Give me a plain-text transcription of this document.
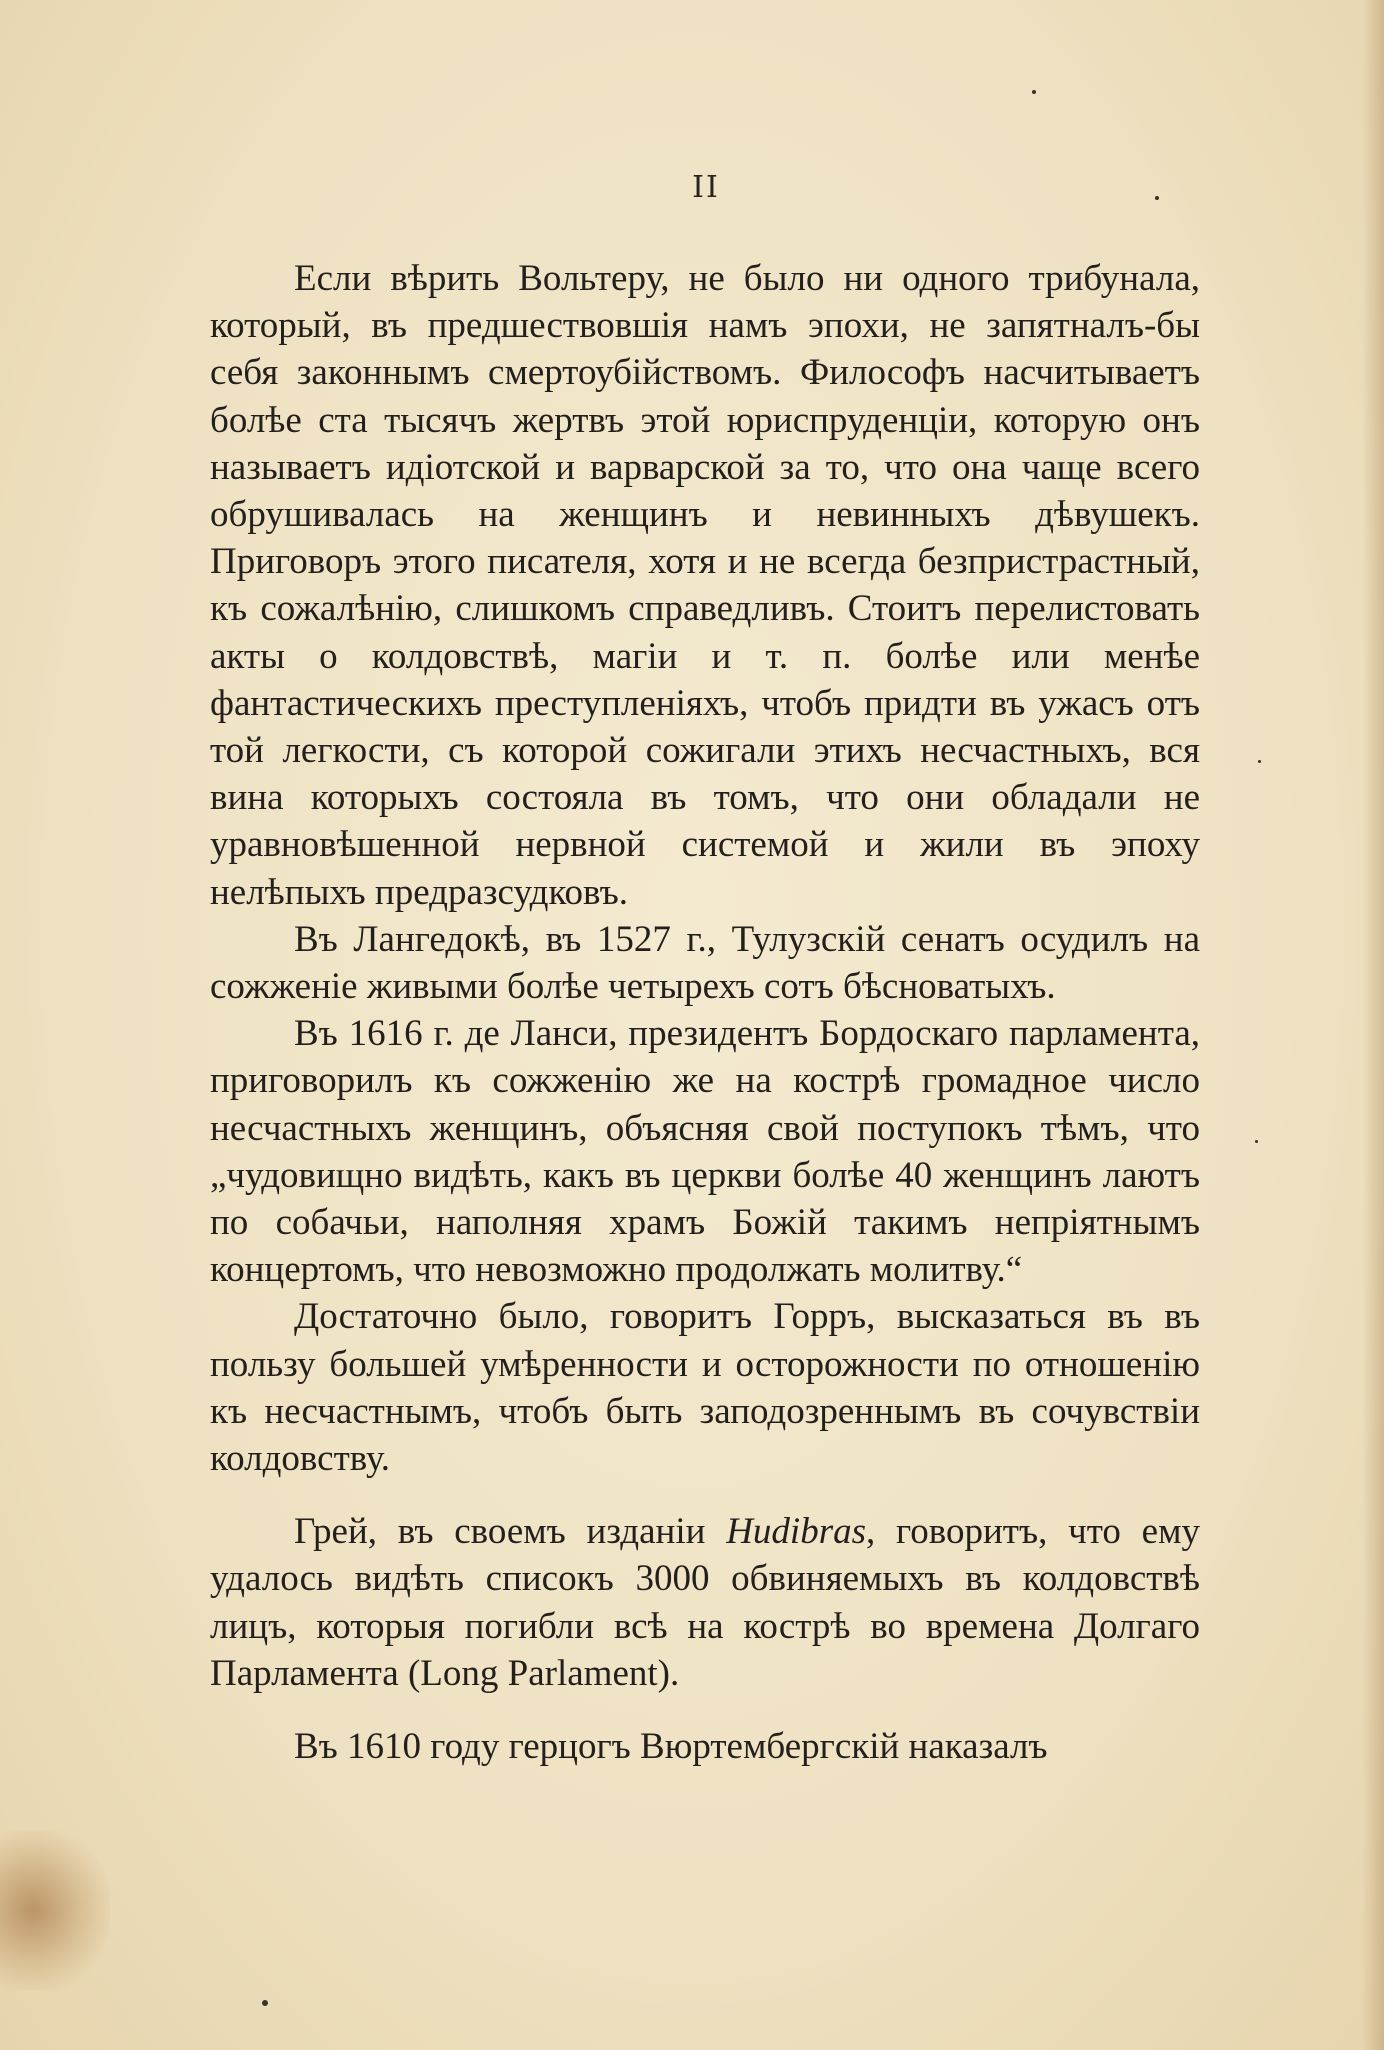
II

Если вѣрить Вольтеру, не было ни одного трибунала, который, въ предшествовшія намъ эпохи, не запятналъ-бы себя законнымъ смертоубійствомъ. Философъ насчитываетъ болѣе ста тысячъ жертвъ этой юриспруденціи, которую онъ называетъ идіотской и варварской за то, что она чаще всего обрушивалась на женщинъ и невинныхъ дѣвушекъ. Приговоръ этого писателя, хотя и не всегда безпристрастный, къ сожалѣнію, слишкомъ справедливъ. Стоитъ перелистовать акты о колдовствѣ, магіи и т. п. болѣе или менѣе фантастическихъ преступленіяхъ, чтобъ придти въ ужасъ отъ той легкости, съ которой сожигали этихъ несчастныхъ, вся вина которыхъ состояла въ томъ, что они обладали не уравновѣшенной нервной системой и жили въ эпоху нелѣпыхъ предразсудковъ.

Въ Лангедокѣ, въ 1527 г., Тулузскій сенатъ осудилъ на сожженіе живыми болѣе четырехъ сотъ бѣсноватыхъ.

Въ 1616 г. де Ланси, президентъ Бордоскаго парламента, приговорилъ къ сожженію же на кострѣ громадное число несчастныхъ женщинъ, объясняя свой поступокъ тѣмъ, что „чудовищно видѣть, какъ въ церкви болѣе 40 женщинъ лаютъ по собачьи, наполняя храмъ Божій такимъ непріятнымъ концертомъ, что невозможно продолжать молитву.“

Достаточно было, говоритъ Горръ, высказаться въ въ пользу большей умѣренности и осторожности по отношенію къ несчастнымъ, чтобъ быть заподозреннымъ въ сочувствіи колдовству.

Грей, въ своемъ изданіи Hudibras, говоритъ, что ему удалось видѣть списокъ 3000 обвиняемыхъ въ колдовствѣ лицъ, которыя погибли всѣ на кострѣ во времена Долгаго Парламента (Long Parlament).

Въ 1610 году герцогъ Вюртембергскій наказалъ
